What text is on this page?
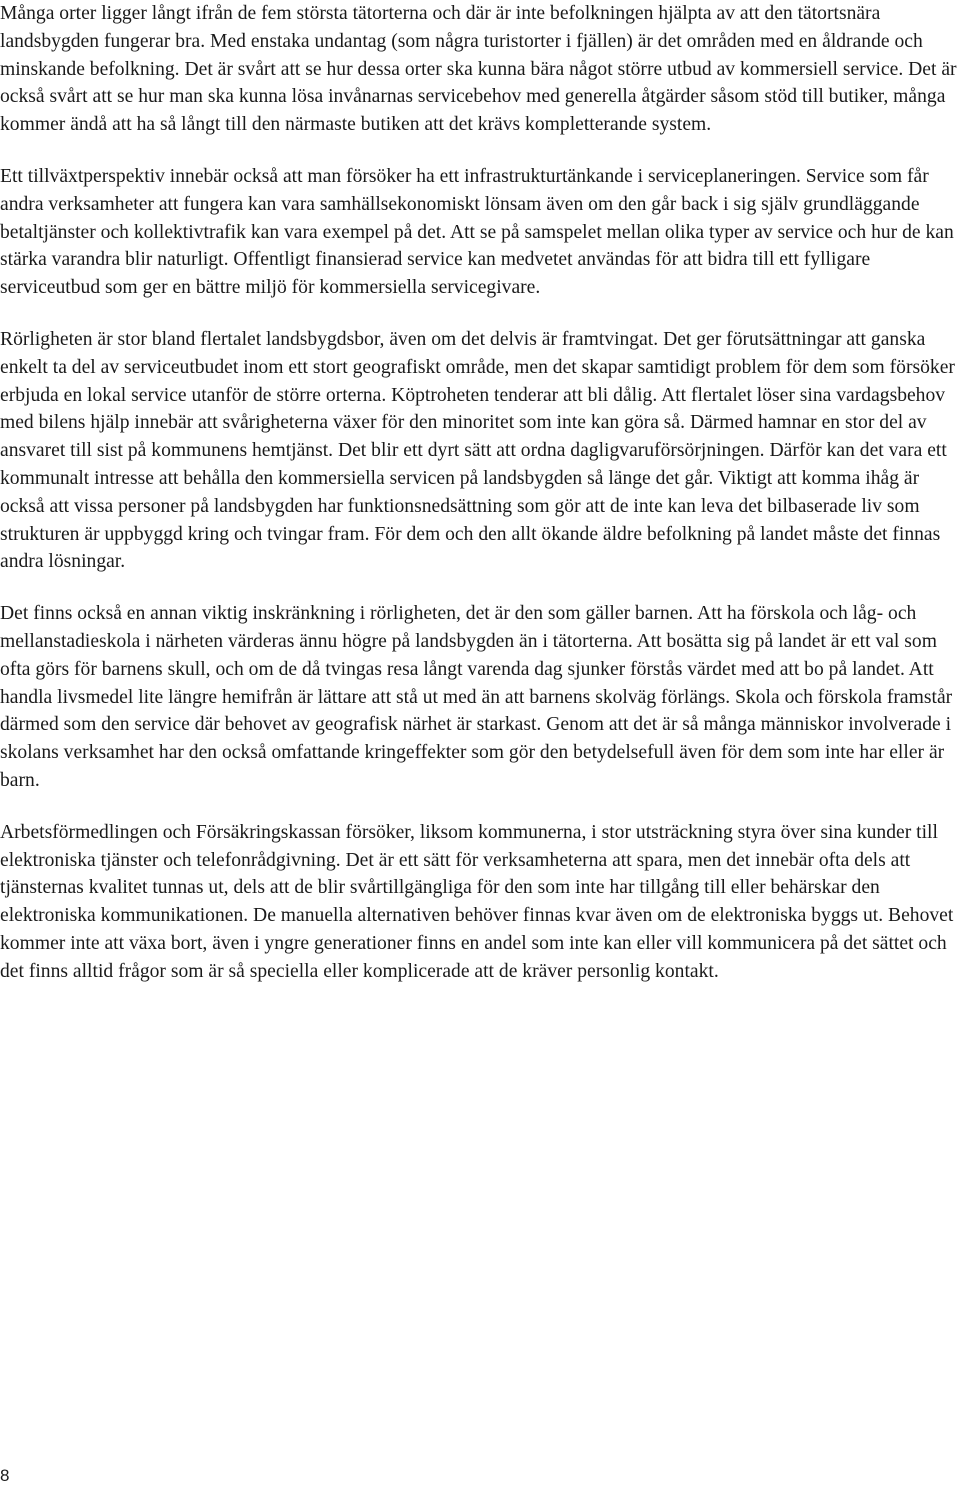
Många orter ligger långt ifrån de fem största tätorterna och där är inte befolkningen hjälpta av att den tätortsnära landsbygden fungerar bra. Med enstaka undantag (som några turistorter i fjällen) är det områden med en åldrande och minskande befolkning. Det är svårt att se hur dessa orter ska kunna bära något större utbud av kommersiell service. Det är också svårt att se hur man ska kunna lösa invånarnas servicebehov med generella åtgärder såsom stöd till butiker, många kommer ändå att ha så långt till den närmaste butiken att det krävs kompletterande system.

Ett tillväxtperspektiv innebär också att man försöker ha ett infrastrukturtänkande i serviceplaneringen. Service som får andra verksamheter att fungera kan vara samhällsekonomiskt lönsam även om den går back i sig själv grundläggande betaltjänster och kollektivtrafik kan vara exempel på det. Att se på samspelet mellan olika typer av service och hur de kan stärka varandra blir naturligt. Offentligt finansierad service kan medvetet användas för att bidra till ett fylligare serviceutbud som ger en bättre miljö för kommersiella servicegivare.

Rörligheten är stor bland flertalet landsbygdsbor, även om det delvis är framtvingat. Det ger förutsättningar att ganska enkelt ta del av serviceutbudet inom ett stort geografiskt område, men det skapar samtidigt problem för dem som försöker erbjuda en lokal service utanför de större orterna. Köptroheten tenderar att bli dålig. Att flertalet löser sina vardagsbehov med bilens hjälp innebär att svårigheterna växer för den minoritet som inte kan göra så. Därmed hamnar en stor del av ansvaret till sist på kommunens hemtjänst. Det blir ett dyrt sätt att ordna dagligvaruförsörjningen. Därför kan det vara ett kommunalt intresse att behålla den kommersiella servicen på landsbygden så länge det går. Viktigt att komma ihåg är också att vissa personer på landsbygden har funktionsnedsättning som gör att de inte kan leva det bilbaserade liv som strukturen är uppbyggd kring och tvingar fram. För dem och den allt ökande äldre befolkning på landet måste det finnas andra lösningar.

Det finns också en annan viktig inskränkning i rörligheten, det är den som gäller barnen. Att ha förskola och låg- och mellanstadieskola i närheten värderas ännu högre på landsbygden än i tätorterna. Att bosätta sig på landet är ett val som ofta görs för barnens skull, och om de då tvingas resa långt varenda dag sjunker förstås värdet med att bo på landet. Att handla livsmedel lite längre hemifrån är lättare att stå ut med än att barnens skolväg förlängs. Skola och förskola framstår därmed som den service där behovet av geografisk närhet är starkast. Genom att det är så många människor involverade i skolans verksamhet har den också omfattande kringeffekter som gör den betydelsefull även för dem som inte har eller är barn.

Arbetsförmedlingen och Försäkringskassan försöker, liksom kommunerna, i stor utsträckning styra över sina kunder till elektroniska tjänster och telefonrådgivning. Det är ett sätt för verksamheterna att spara, men det innebär ofta dels att tjänsternas kvalitet tunnas ut, dels att de blir svårtillgängliga för den som inte har tillgång till eller behärskar den elektroniska kommunikationen. De manuella alternativen behöver finnas kvar även om de elektroniska byggs ut. Behovet kommer inte att växa bort, även i yngre generationer finns en andel som inte kan eller vill kommunicera på det sättet och det finns alltid frågor som är så speciella eller komplicerade att de kräver personlig kontakt.

8
